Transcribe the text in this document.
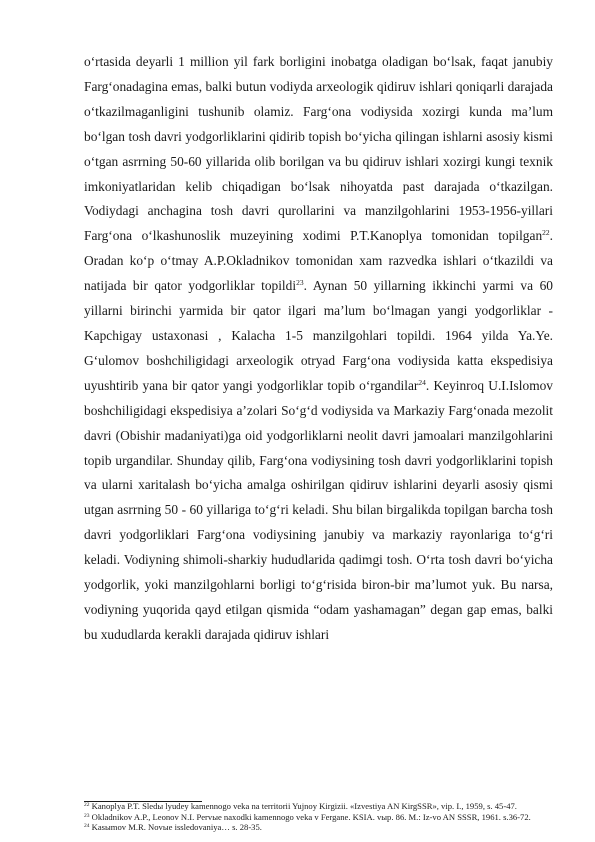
oʻrtasida deyarli 1 million yil fark borligini inobatga oladigan boʻlsak, faqat janubiy Fargʻonadagina emas, balki butun vodiyda arxeologik qidiruv ishlari qoniqarli darajada oʻtkazilmaganligini tushunib olamiz. Fargʻona vodiysida xozirgi kunda ma’lum boʻlgan tosh davri yodgorliklarini qidirib topish boʻyicha qilingan ishlarni asosiy kismi oʻtgan asrrning 50-60 yillarida olib borilgan va bu qidiruv ishlari xozirgi kungi texnik imkoniyatlaridan kelib chiqadigan boʻlsak nihoyatda past darajada oʻtkazilgan. Vodiydagi anchagina tosh davri qurollarini va manzilgohlarini 1953-1956-yillari Fargʻona oʻlkashunoslik muzeyining xodimi P.T.Kanoplya tomonidan topilgan$^{22}$. Oradan koʻp oʻtmay A.P.Okladnikov tomonidan xam razvedka ishlari oʻtkazildi va natijada bir qator yodgorliklar topildi$^{23}$. Aynan 50 yillarning ikkinchi yarmi va 60 yillarni birinchi yarmida bir qator ilgari ma’lum boʻlmagan yangi yodgorliklar - Kapchigay ustaxonasi , Kalacha 1-5 manzilgohlari topildi. 1964 yilda Ya.Ye. Gʻulomov boshchiligidagi arxeologik otryad Fargʻona vodiysida katta ekspedisiya uyushtirib yana bir qator yangi yodgorliklar topib oʻrgandilar$^{24}$. Keyinroq U.I.Islomov boshchiligidagi ekspedisiya a’zolari Soʻgʻd vodiysida va Markaziy Fargʻonada mezolit davri (Obishir madaniyati)ga oid yodgorliklarni neolit davri jamoalari manzilgohlarini topib urgandilar. Shunday qilib, Fargʻona vodiysining tosh davri yodgorliklarini topish va ularni xaritalash boʻyicha amalga oshirilgan qidiruv ishlarini deyarli asosiy qismi utgan asrrning 50 - 60 yillariga toʻgʻri keladi. Shu bilan birgalikda topilgan barcha tosh davri yodgorliklari Fargʻona vodiysining janubiy va markaziy rayonlariga toʻgʻri keladi. Vodiyning shimoli-sharkiy hududlarida qadimgi tosh. Oʻrta tosh davri boʻyicha yodgorlik, yoki manzilgohlarni borligi toʻgʻrisida biron-bir ma’lumot yuk. Bu narsa, vodiyning yuqorida qayd etilgan qismida “odam yashamagan” degan gap emas, balki bu xududlarda kerakli darajada qidiruv ishlari

$^{22}$ Kanoplya P.T. Sledы lyudey kamennogo veka na territorii Yujnoy Kirgizii. «Izvestiya AN KirgSSR», vip. I., 1959, s. 45-47.

$^{23}$ Okladnikov A.P., Leonov N.I. Pervыe naxodki kamennogo veka v Fergane. KSIA. vыp. 86. M.: Iz-vo AN SSSR, 1961. s.36-72.

$^{24}$ Kasыmov M.R. Novыe issledovaniya… s. 28-35.
